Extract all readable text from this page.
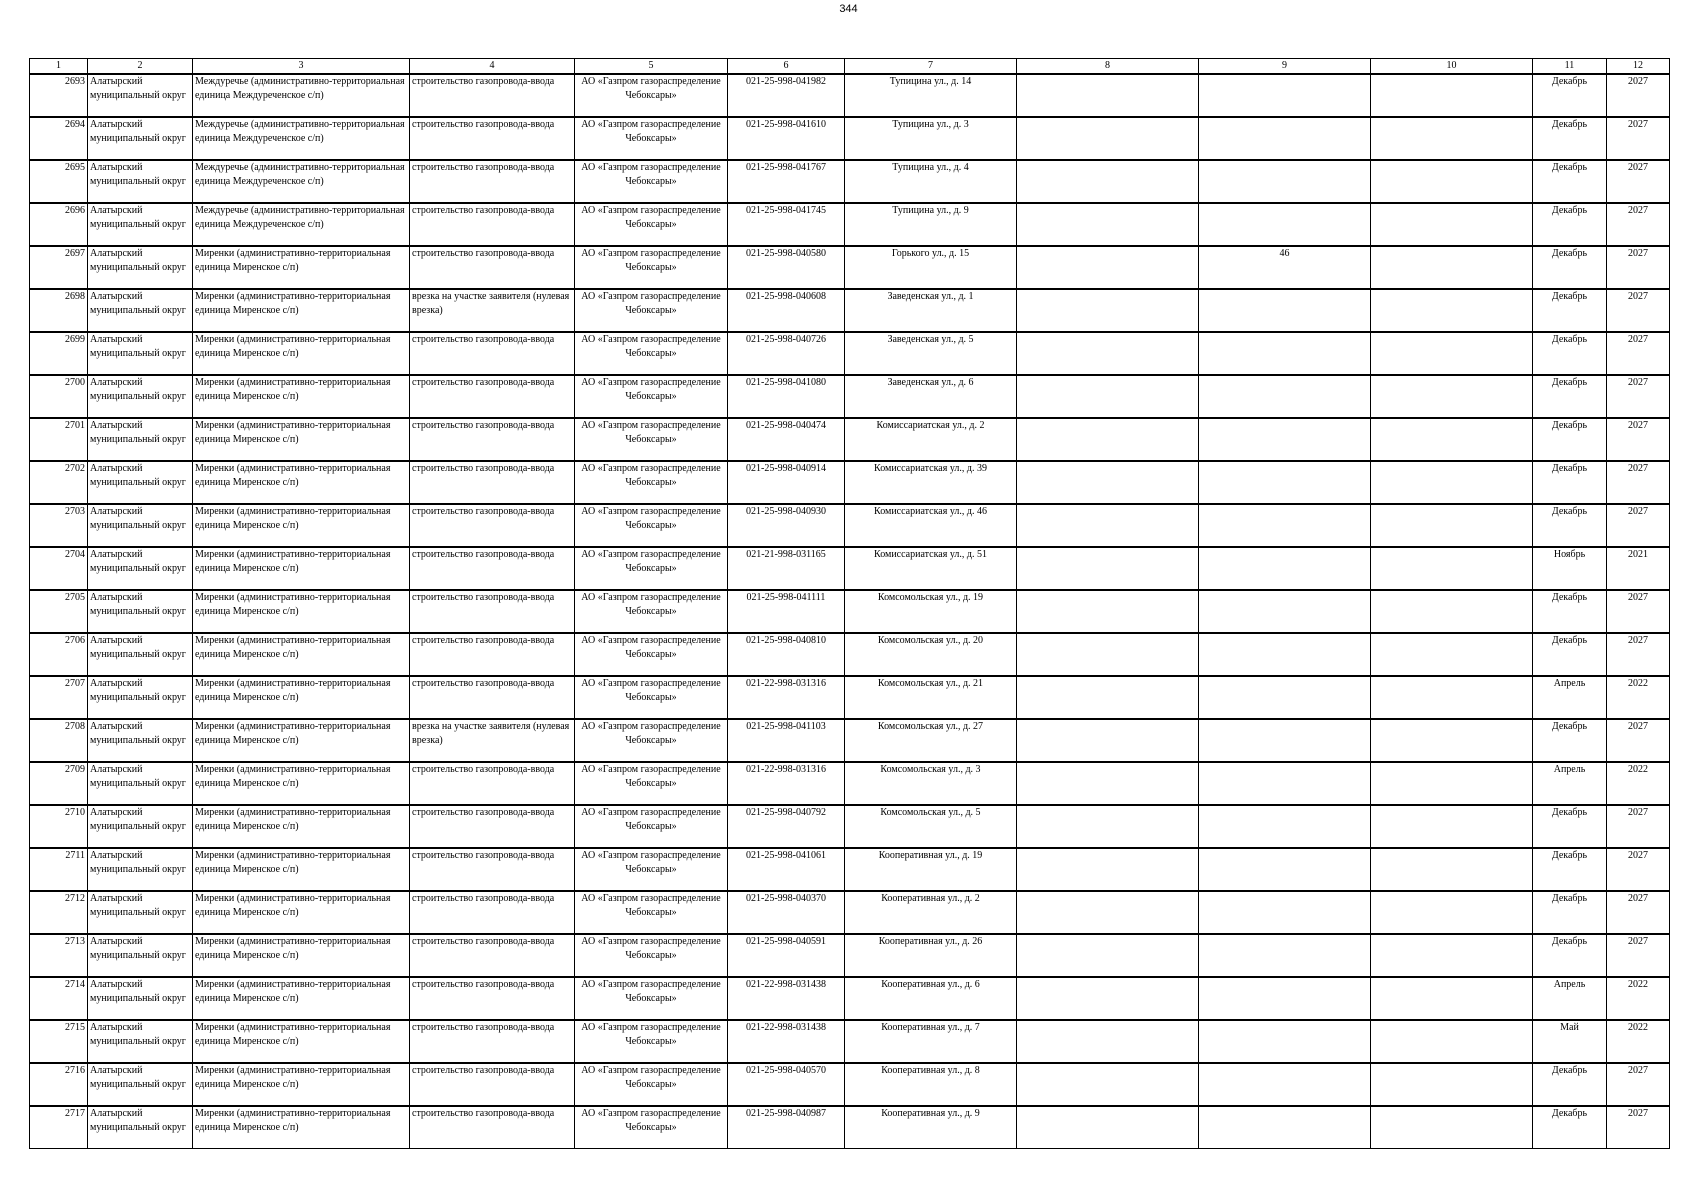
344
1	2	3	4	5	6	7	8	9	10	11	12
2693	Алатырский муниципальный округ	Междуречье (административно-территориальная единица Междуреченское с/п)	строительство газопровода-ввода	АО «Газпром газораспределение Чебоксары»	021-25-998-041982	Тупицина ул., д. 14				Декабрь	2027
2694	Алатырский муниципальный округ	Междуречье (административно-территориальная единица Междуреченское с/п)	строительство газопровода-ввода	АО «Газпром газораспределение Чебоксары»	021-25-998-041610	Тупицина ул., д. 3				Декабрь	2027
2695	Алатырский муниципальный округ	Междуречье (административно-территориальная единица Междуреченское с/п)	строительство газопровода-ввода	АО «Газпром газораспределение Чебоксары»	021-25-998-041767	Тупицина ул., д. 4				Декабрь	2027
2696	Алатырский муниципальный округ	Междуречье (административно-территориальная единица Междуреченское с/п)	строительство газопровода-ввода	АО «Газпром газораспределение Чебоксары»	021-25-998-041745	Тупицина ул., д. 9				Декабрь	2027
2697	Алатырский муниципальный округ	Миренки (административно-территориальная единица Миренское с/п)	строительство газопровода-ввода	АО «Газпром газораспределение Чебоксары»	021-25-998-040580	Горького ул., д. 15		46		Декабрь	2027
2698	Алатырский муниципальный округ	Миренки (административно-территориальная единица Миренское с/п)	врезка на участке заявителя (нулевая врезка)	АО «Газпром газораспределение Чебоксары»	021-25-998-040608	Заведенская ул., д. 1				Декабрь	2027
2699	Алатырский муниципальный округ	Миренки (административно-территориальная единица Миренское с/п)	строительство газопровода-ввода	АО «Газпром газораспределение Чебоксары»	021-25-998-040726	Заведенская ул., д. 5				Декабрь	2027
2700	Алатырский муниципальный округ	Миренки (административно-территориальная единица Миренское с/п)	строительство газопровода-ввода	АО «Газпром газораспределение Чебоксары»	021-25-998-041080	Заведенская ул., д. 6				Декабрь	2027
2701	Алатырский муниципальный округ	Миренки (административно-территориальная единица Миренское с/п)	строительство газопровода-ввода	АО «Газпром газораспределение Чебоксары»	021-25-998-040474	Комиссариатская ул., д. 2				Декабрь	2027
2702	Алатырский муниципальный округ	Миренки (административно-территориальная единица Миренское с/п)	строительство газопровода-ввода	АО «Газпром газораспределение Чебоксары»	021-25-998-040914	Комиссариатская ул., д. 39				Декабрь	2027
2703	Алатырский муниципальный округ	Миренки (административно-территориальная единица Миренское с/п)	строительство газопровода-ввода	АО «Газпром газораспределение Чебоксары»	021-25-998-040930	Комиссариатская ул., д. 46				Декабрь	2027
2704	Алатырский муниципальный округ	Миренки (административно-территориальная единица Миренское с/п)	строительство газопровода-ввода	АО «Газпром газораспределение Чебоксары»	021-21-998-031165	Комиссариатская ул., д. 51				Ноябрь	2021
2705	Алатырский муниципальный округ	Миренки (административно-территориальная единица Миренское с/п)	строительство газопровода-ввода	АО «Газпром газораспределение Чебоксары»	021-25-998-041111	Комсомольская ул., д. 19				Декабрь	2027
2706	Алатырский муниципальный округ	Миренки (административно-территориальная единица Миренское с/п)	строительство газопровода-ввода	АО «Газпром газораспределение Чебоксары»	021-25-998-040810	Комсомольская ул., д. 20				Декабрь	2027
2707	Алатырский муниципальный округ	Миренки (административно-территориальная единица Миренское с/п)	строительство газопровода-ввода	АО «Газпром газораспределение Чебоксары»	021-22-998-031316	Комсомольская ул., д. 21				Апрель	2022
2708	Алатырский муниципальный округ	Миренки (административно-территориальная единица Миренское с/п)	врезка на участке заявителя (нулевая врезка)	АО «Газпром газораспределение Чебоксары»	021-25-998-041103	Комсомольская ул., д. 27				Декабрь	2027
2709	Алатырский муниципальный округ	Миренки (административно-территориальная единица Миренское с/п)	строительство газопровода-ввода	АО «Газпром газораспределение Чебоксары»	021-22-998-031316	Комсомольская ул., д. 3				Апрель	2022
2710	Алатырский муниципальный округ	Миренки (административно-территориальная единица Миренское с/п)	строительство газопровода-ввода	АО «Газпром газораспределение Чебоксары»	021-25-998-040792	Комсомольская ул., д. 5				Декабрь	2027
2711	Алатырский муниципальный округ	Миренки (административно-территориальная единица Миренское с/п)	строительство газопровода-ввода	АО «Газпром газораспределение Чебоксары»	021-25-998-041061	Кооперативная ул., д. 19				Декабрь	2027
2712	Алатырский муниципальный округ	Миренки (административно-территориальная единица Миренское с/п)	строительство газопровода-ввода	АО «Газпром газораспределение Чебоксары»	021-25-998-040370	Кооперативная ул., д. 2				Декабрь	2027
2713	Алатырский муниципальный округ	Миренки (административно-территориальная единица Миренское с/п)	строительство газопровода-ввода	АО «Газпром газораспределение Чебоксары»	021-25-998-040591	Кооперативная ул., д. 26				Декабрь	2027
2714	Алатырский муниципальный округ	Миренки (административно-территориальная единица Миренское с/п)	строительство газопровода-ввода	АО «Газпром газораспределение Чебоксары»	021-22-998-031438	Кооперативная ул., д. 6				Апрель	2022
2715	Алатырский муниципальный округ	Миренки (административно-территориальная единица Миренское с/п)	строительство газопровода-ввода	АО «Газпром газораспределение Чебоксары»	021-22-998-031438	Кооперативная ул., д. 7				Май	2022
2716	Алатырский муниципальный округ	Миренки (административно-территориальная единица Миренское с/п)	строительство газопровода-ввода	АО «Газпром газораспределение Чебоксары»	021-25-998-040570	Кооперативная ул., д. 8				Декабрь	2027
2717	Алатырский муниципальный округ	Миренки (административно-территориальная единица Миренское с/п)	строительство газопровода-ввода	АО «Газпром газораспределение Чебоксары»	021-25-998-040987	Кооперативная ул., д. 9				Декабрь	2027
